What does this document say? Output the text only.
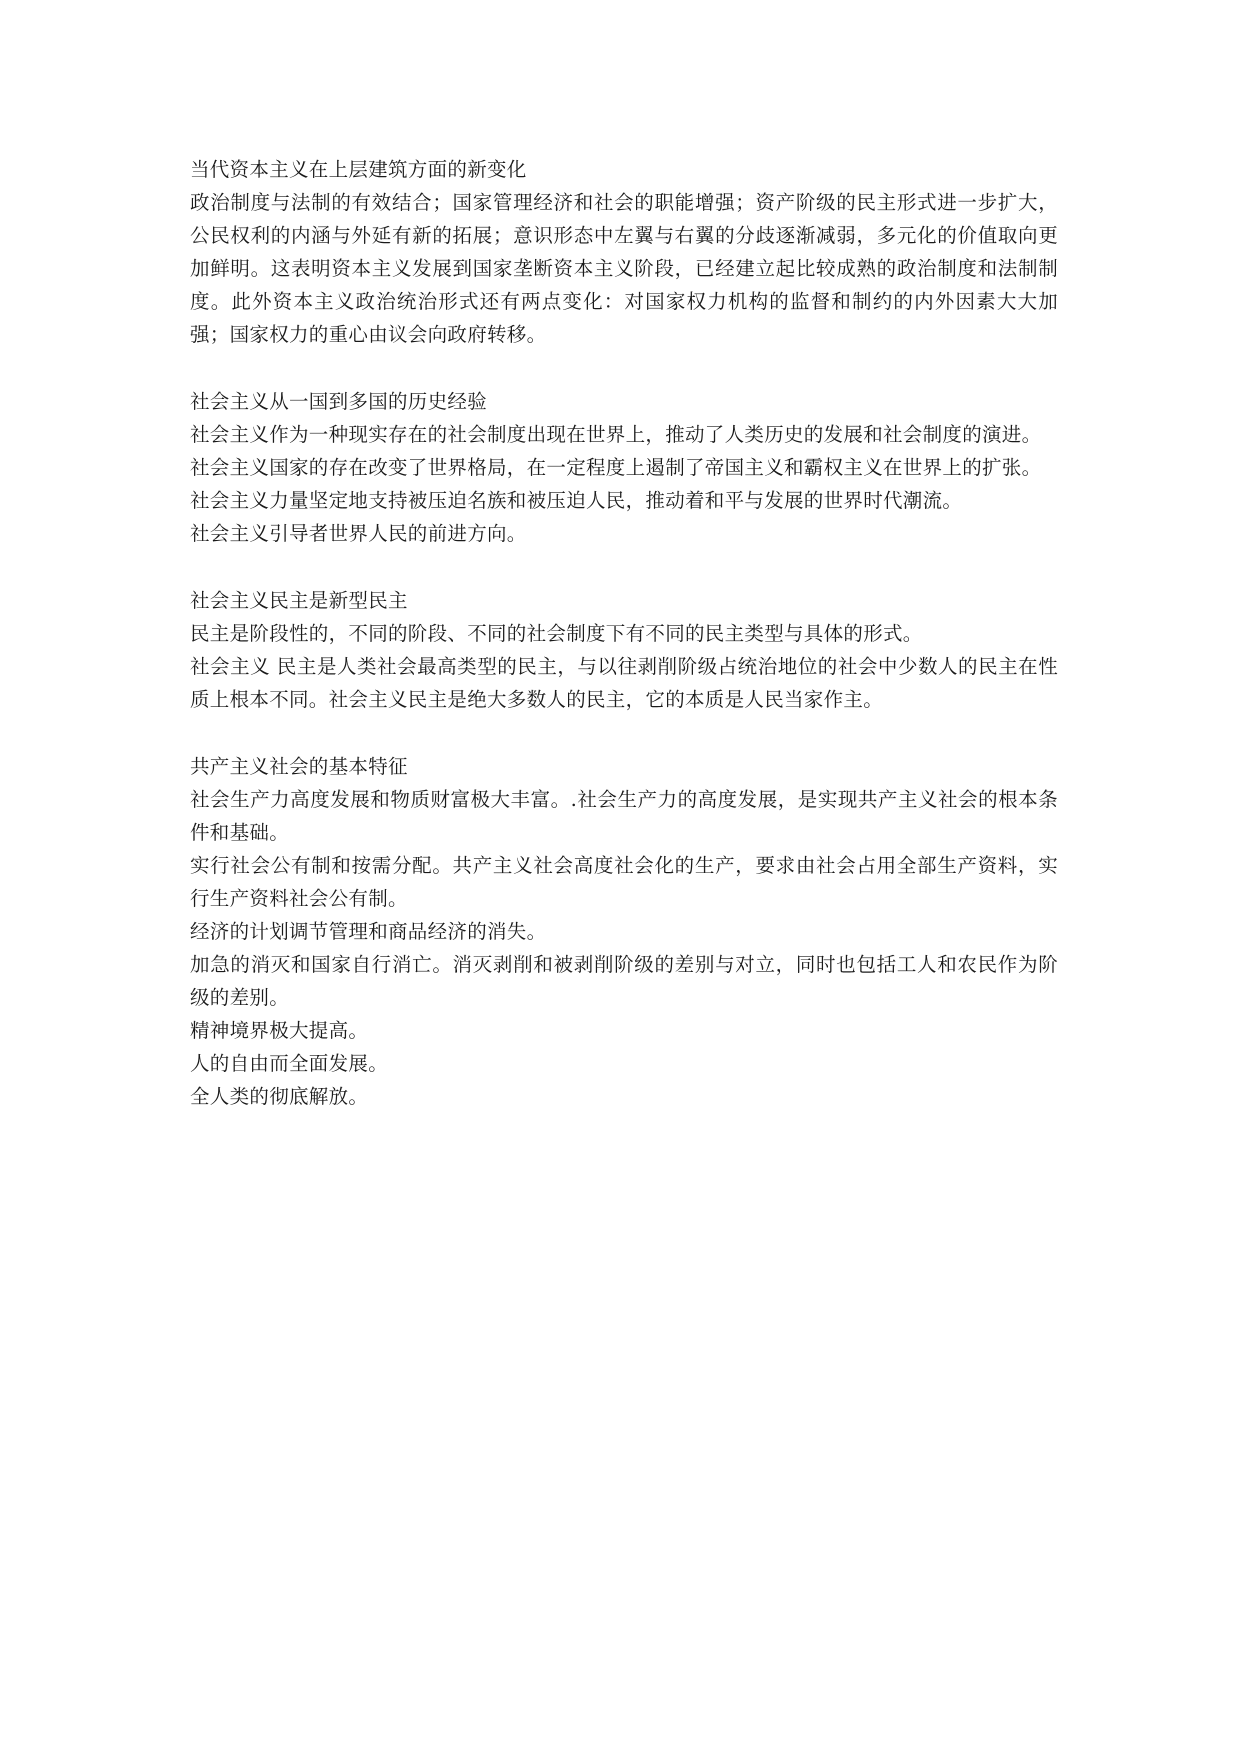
当代资本主义在上层建筑方面的新变化

政治制度与法制的有效结合；国家管理经济和社会的职能增强；资产阶级的民主形式进一步扩大，公民权利的内涵与外延有新的拓展；意识形态中左翼与右翼的分歧逐渐减弱，多元化的价值取向更加鲜明。这表明资本主义发展到国家垄断资本主义阶段，已经建立起比较成熟的政治制度和法制制度。此外资本主义政治统治形式还有两点变化：对国家权力机构的监督和制约的内外因素大大加强；国家权力的重心由议会向政府转移。

社会主义从一国到多国的历史经验

社会主义作为一种现实存在的社会制度出现在世界上，推动了人类历史的发展和社会制度的演进。

社会主义国家的存在改变了世界格局，在一定程度上遏制了帝国主义和霸权主义在世界上的扩张。

社会主义力量坚定地支持被压迫名族和被压迫人民，推动着和平与发展的世界时代潮流。

社会主义引导者世界人民的前进方向。

社会主义民主是新型民主

民主是阶段性的，不同的阶段、不同的社会制度下有不同的民主类型与具体的形式。

社会主义 民主是人类社会最高类型的民主，与以往剥削阶级占统治地位的社会中少数人的民主在性质上根本不同。社会主义民主是绝大多数人的民主，它的本质是人民当家作主。

共产主义社会的基本特征

社会生产力高度发展和物质财富极大丰富。.社会生产力的高度发展，是实现共产主义社会的根本条件和基础。

实行社会公有制和按需分配。共产主义社会高度社会化的生产，要求由社会占用全部生产资料，实行生产资料社会公有制。

经济的计划调节管理和商品经济的消失。

加急的消灭和国家自行消亡。消灭剥削和被剥削阶级的差别与对立，同时也包括工人和农民作为阶级的差别。

精神境界极大提高。

人的自由而全面发展。

全人类的彻底解放。
